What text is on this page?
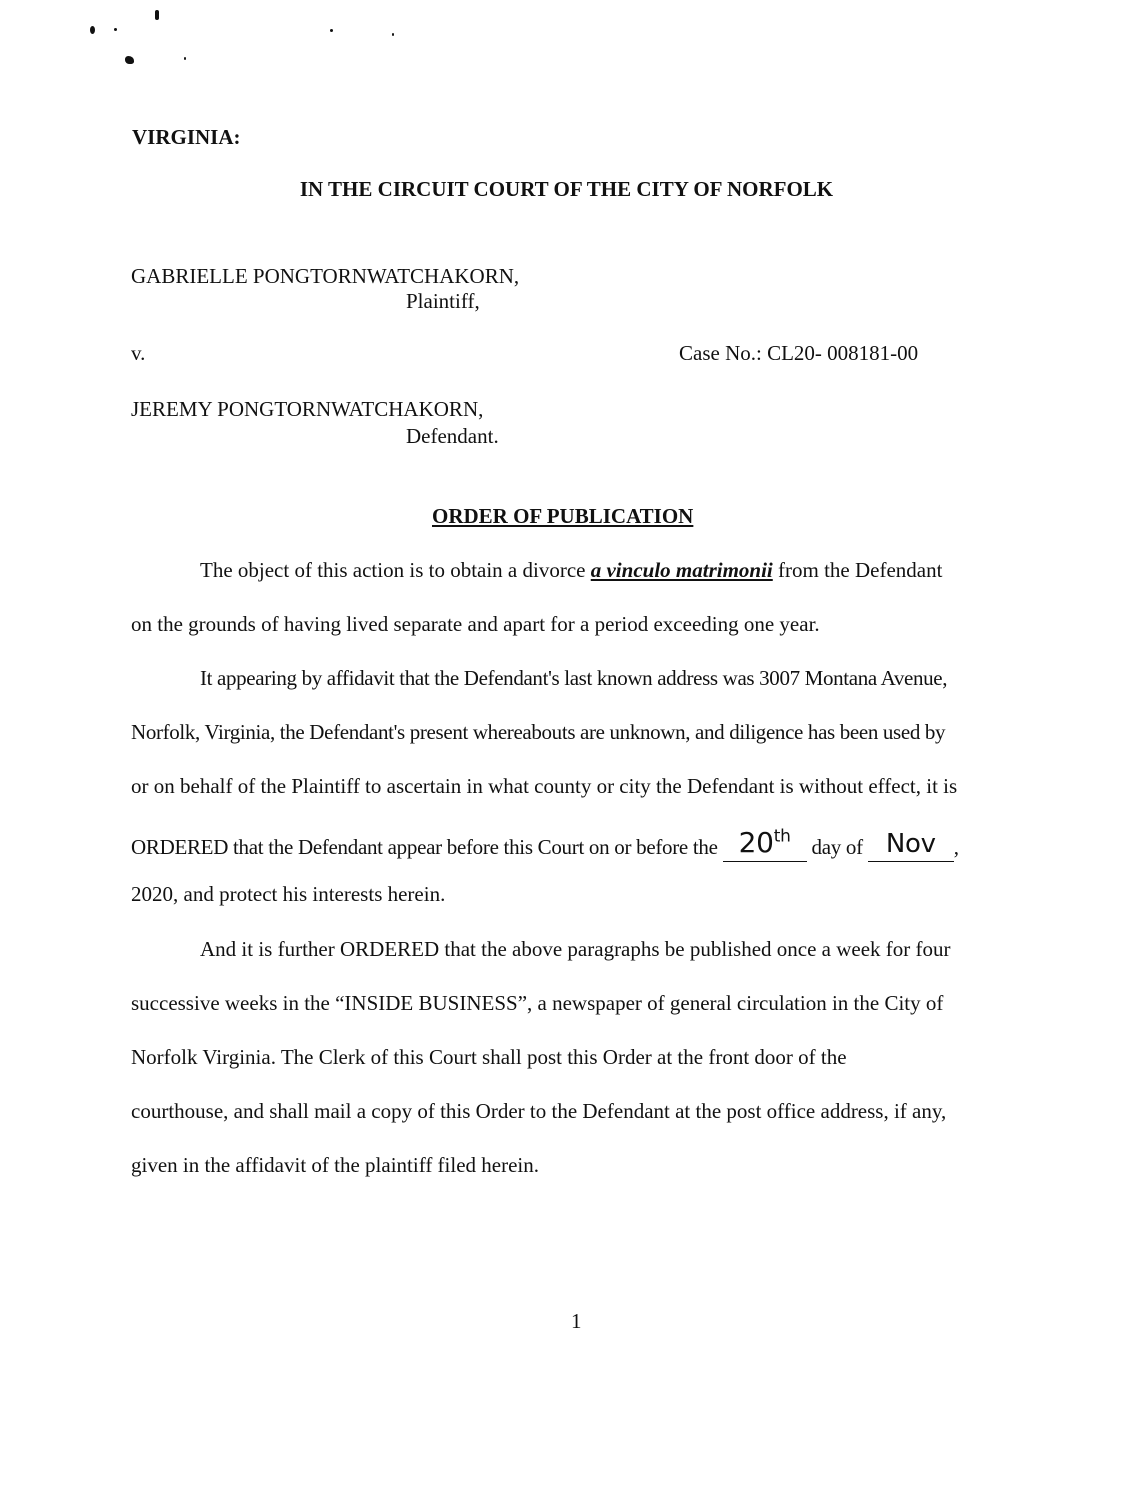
VIRGINIA:
IN THE CIRCUIT COURT OF THE CITY OF NORFOLK
GABRIELLE PONGTORNWATCHAKORN,
Plaintiff,
v.	Case No.: CL20- 008181-00
JEREMY PONGTORNWATCHAKORN,
Defendant.
ORDER OF PUBLICATION
The object of this action is to obtain a divorce a vinculo matrimonii from the Defendant
on the grounds of having lived separate and apart for a period exceeding one year.
It appearing by affidavit that the Defendant's last known address was 3007 Montana Avenue,
Norfolk, Virginia, the Defendant's present whereabouts are unknown, and diligence has been used by
or on behalf of the Plaintiff to ascertain in what county or city the Defendant is without effect, it is
ORDERED that the Defendant appear before this Court on or before the 20th day of Nov ,
2020, and protect his interests herein.
And it is further ORDERED that the above paragraphs be published once a week for four
successive weeks in the “INSIDE BUSINESS”, a newspaper of general circulation in the City of
Norfolk Virginia. The Clerk of this Court shall post this Order at the front door of the
courthouse, and shall mail a copy of this Order to the Defendant at the post office address, if any,
given in the affidavit of the plaintiff filed herein.
1
